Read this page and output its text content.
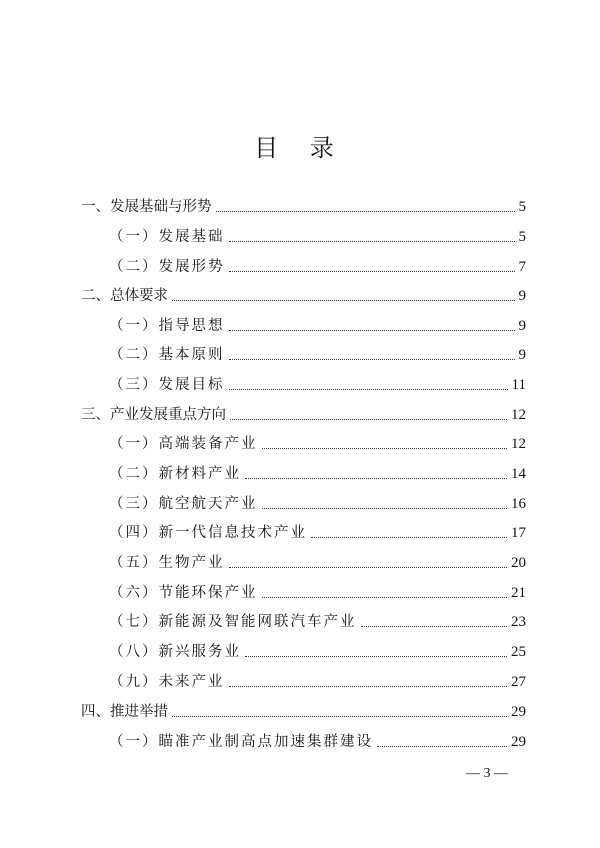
目 录
一、发展基础与形势	5
（一）发展基础	5
（二）发展形势	7
二、总体要求	9
（一）指导思想	9
（二）基本原则	9
（三）发展目标	11
三、产业发展重点方向	12
（一）高端装备产业	12
（二）新材料产业	14
（三）航空航天产业	16
（四）新一代信息技术产业	17
（五）生物产业	20
（六）节能环保产业	21
（七）新能源及智能网联汽车产业	23
（八）新兴服务业	25
（九）未来产业	27
四、推进举措	29
（一）瞄准产业制高点加速集群建设	29
— 3 —
